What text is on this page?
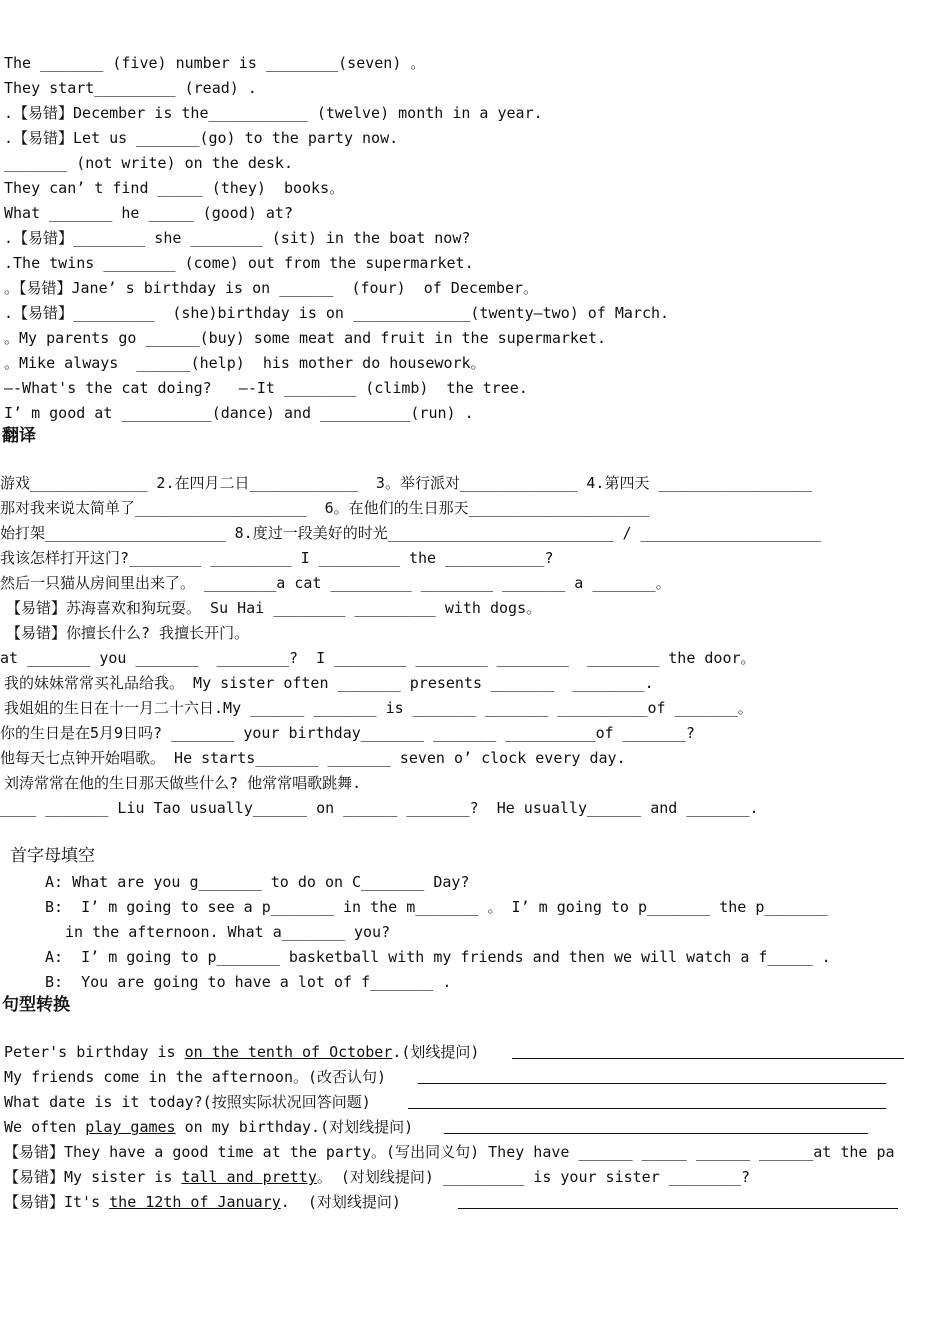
The _______ (five) number is ________(seven) 。
They start_________ (read) .
.【易错】December is the___________ (twelve) month in a year.
.【易错】Let us _______(go) to the party now.
_______ (not write) on the desk.
They can’ t find _____ (they)  books。
What _______ he _____ (good) at?
.【易错】________ she ________ (sit) in the boat now?
.The twins ________ (come) out from the supermarket.
。【易错】Jane’ s birthday is on ______  (four)  of December。
.【易错】_________  (she)birthday is on _____________(twenty—two) of March.
。My parents go ______(buy) some meat and fruit in the supermarket.
。Mike always  ______(help)  his mother do housework。
—-What's the cat doing?   —-It ________ (climb)  the tree.
I’ m good at __________(dance) and __________(run) .
翻译
游戏_____________ 2.在四月二日____________  3。举行派对_____________ 4.第四天 _________________
那对我来说太简单了___________________  6。在他们的生日那天____________________
始打架____________________ 8.度过一段美好的时光_________________________ / ____________________
我该怎样打开这门?________ _________ I _________ the ___________?
然后一只猫从房间里出来了。 ________a cat _________ ________ _______ a _______。
【易错】苏海喜欢和狗玩耍。 Su Hai ________ _________ with dogs。
【易错】你擅长什么? 我擅长开门。
at _______ you _______  ________?  I ________ ________ ________  ________ the door。
我的妹妹常常买礼品给我。 My sister often _______ presents _______  ________.
我姐姐的生日在十一月二十六日.My ______ _______ is _______ _______ __________of _______。
你的生日是在5月9日吗? _______ your birthday_______ _______ __________of _______?
他每天七点钟开始唱歌。 He starts_______ _______ seven o’ clock every day.
刘涛常常在他的生日那天做些什么? 他常常唱歌跳舞.
____ _______ Liu Tao usually______ on ______ _______?  He usually______ and _______.
首字母填空
A: What are you g_______ to do on C_______ Day?
B:  I’ m going to see a p_______ in the m_______ 。 I’ m going to p_______ the p_______
in the afternoon. What a_______ you?
A:  I’ m going to p_______ basketball with my friends and then we will watch a f_____ .
B:  You are going to have a lot of f_______ .
句型转换
Peter's birthday is on the tenth of October.(划线提问)
My friends come in the afternoon。(改否认句)
What date is it today?(按照实际状况回答问题)
We often play games on my birthday.(对划线提问)
【易错】They have a good time at the party。(写出同义句) They have ______ _____ ______ ______at the pa
【易错】My sister is tall and pretty。 (对划线提问) _________ is your sister ________?
【易错】It's the 12th of January.  (对划线提问)
